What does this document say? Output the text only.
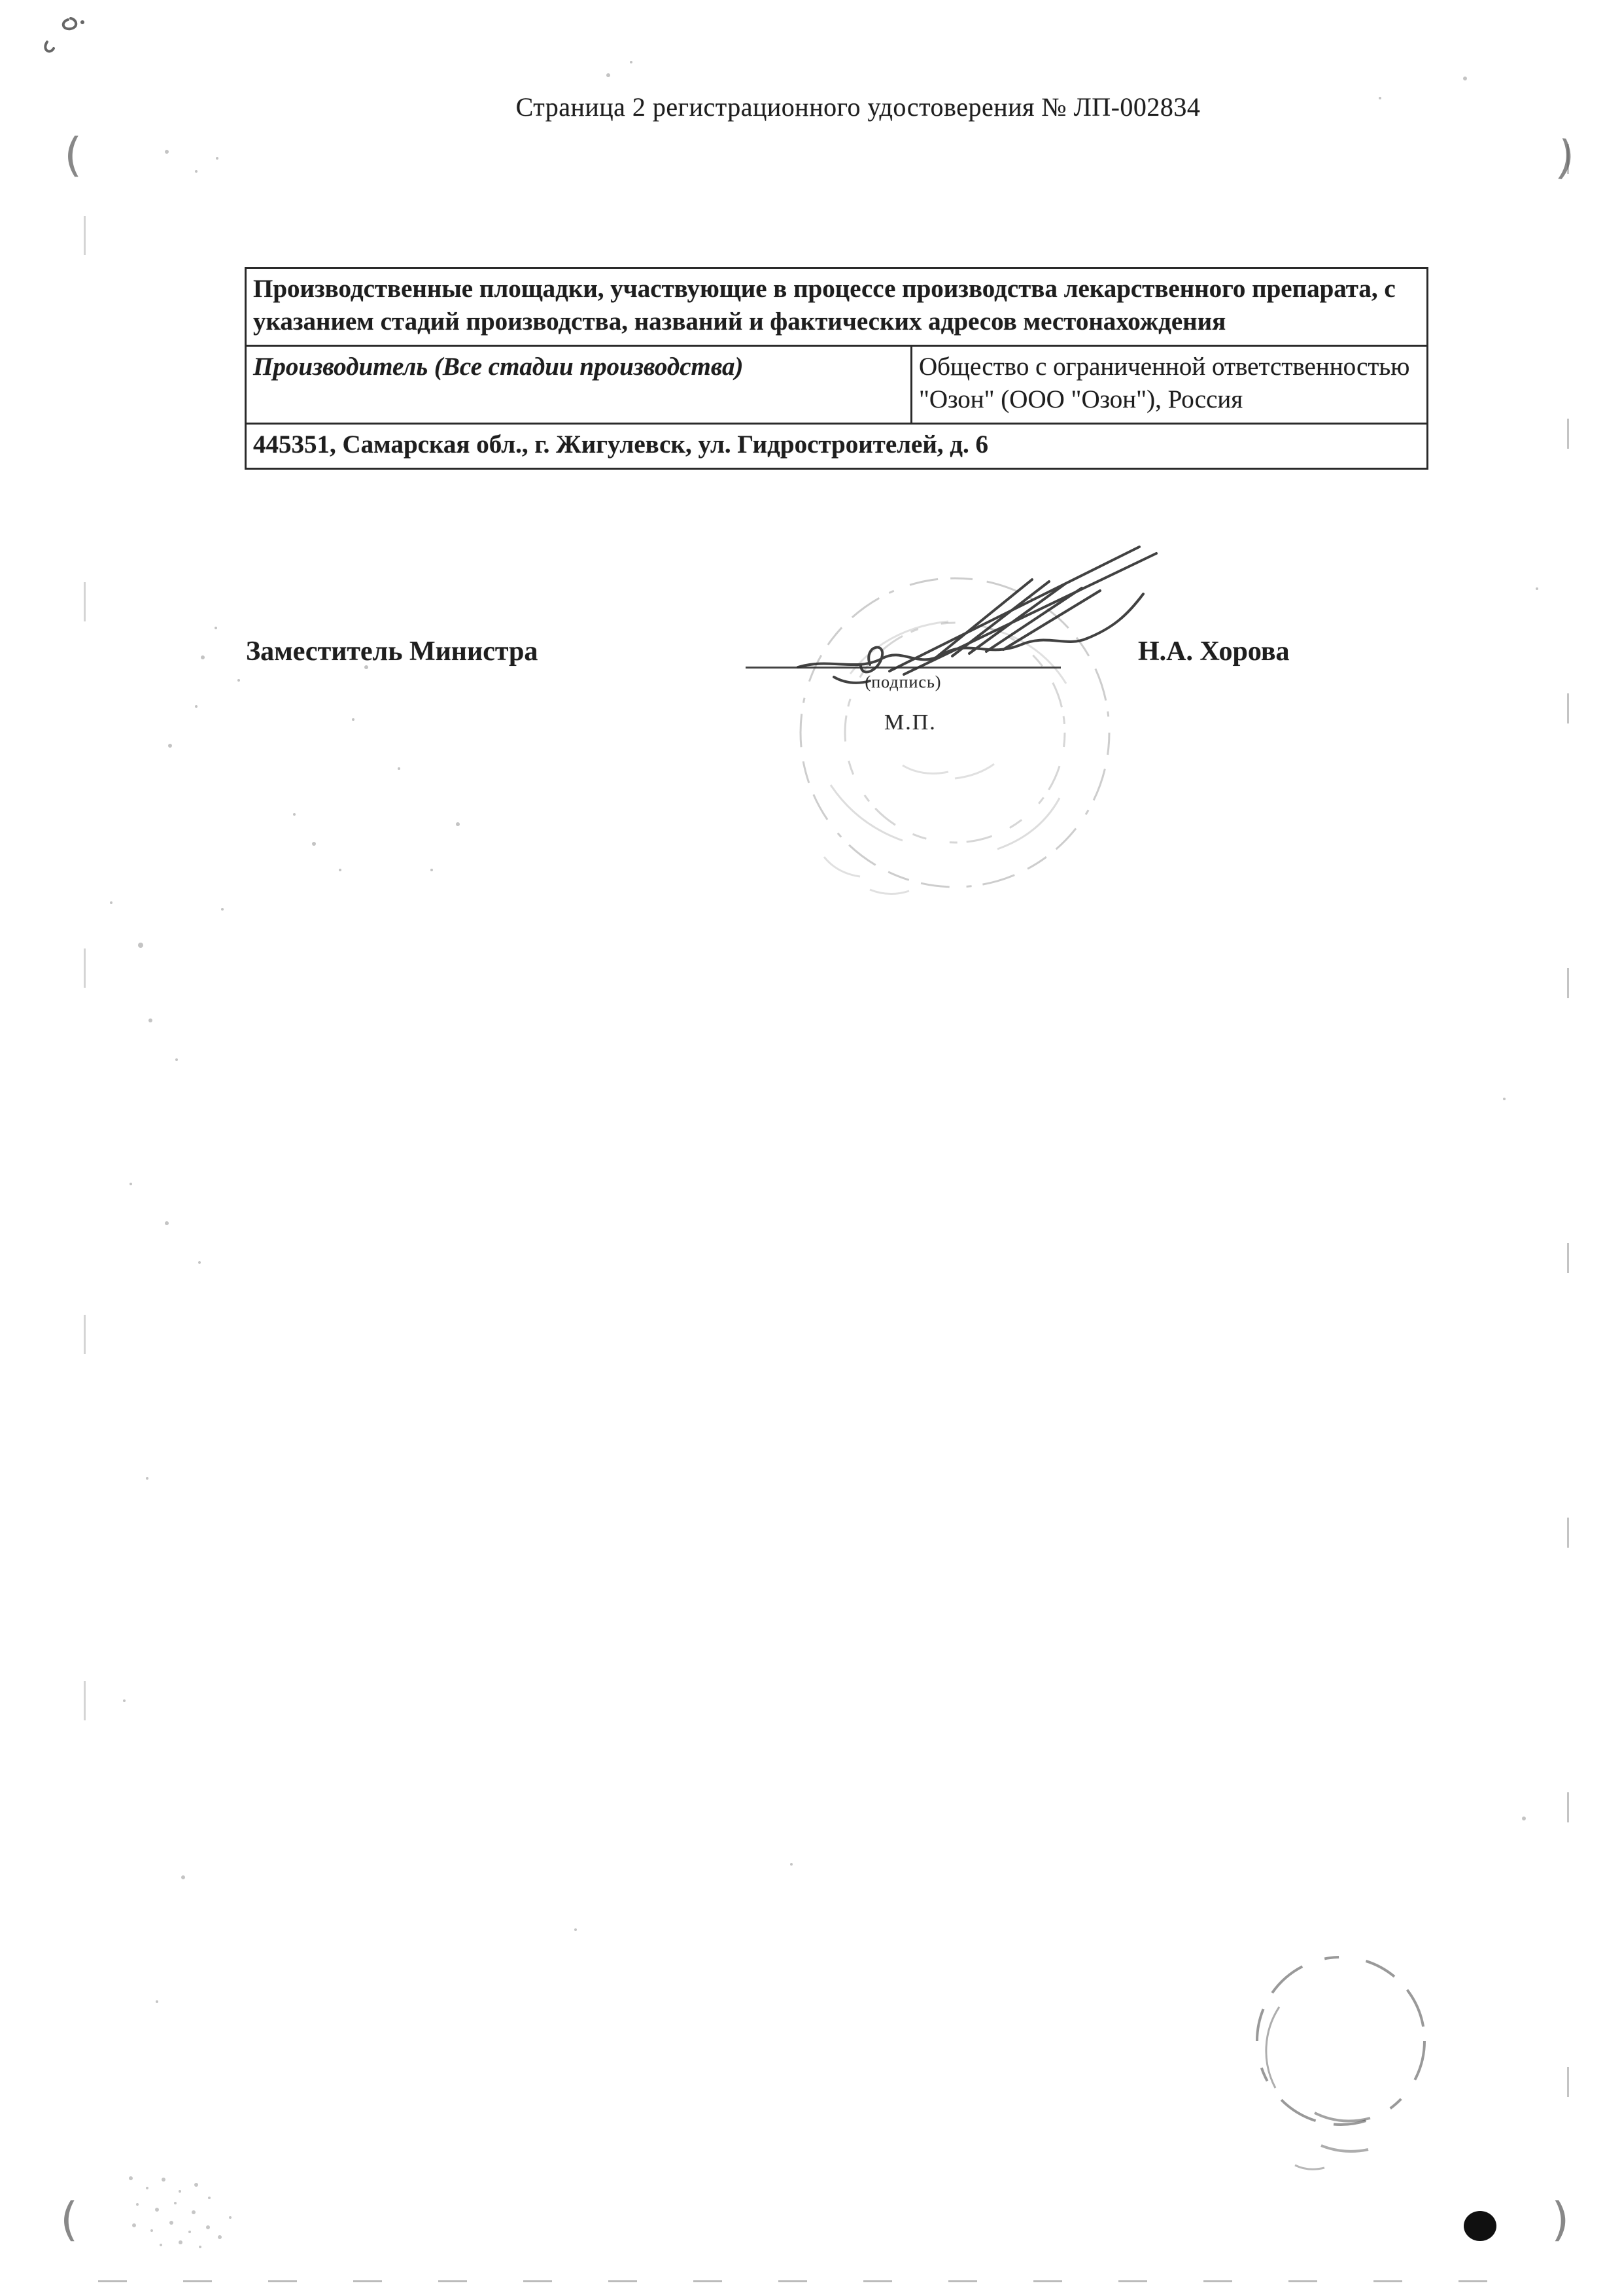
Страница 2 регистрационного удостоверения № ЛП-002834
Производственные площадки, участвующие в процессе производства лекарственного препарата, с указанием стадий производства, названий и фактических адресов местонахождения
Производитель (Все стадии производства)	Общество с ограниченной ответственностью "Озон" (ООО "Озон"), Россия
445351, Самарская обл., г. Жигулевск, ул. Гидростроителей, д. 6
Заместитель Министра
(подпись)
М.П.
Н.А. Хорова
(
(
)
)
